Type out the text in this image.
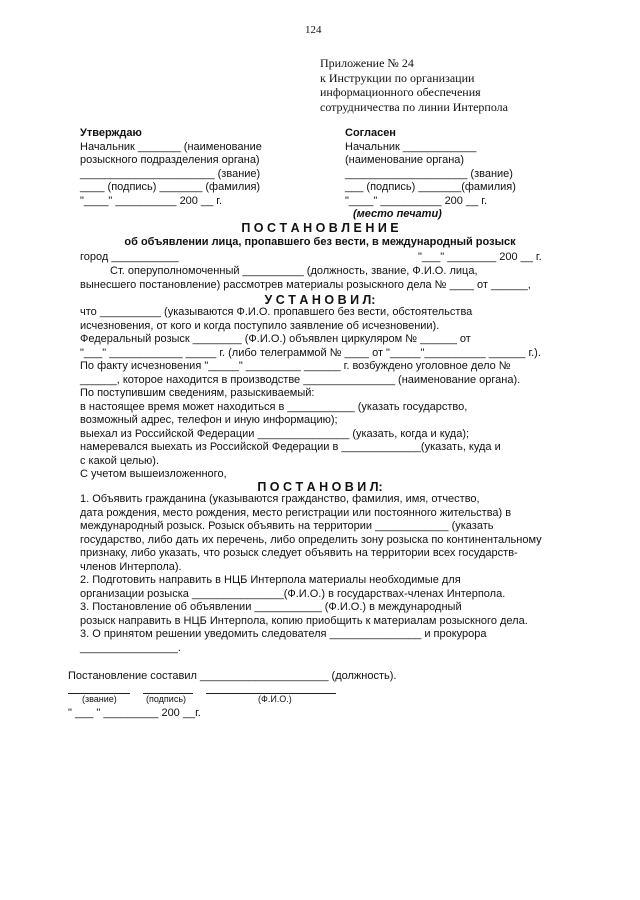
124
Приложение № 24
к Инструкции по организации
информационного обеспечения
сотрудничества по линии Интерпола
Утверждаю
Начальник _______ (наименование
розыскного подразделения органа)
______________________ (звание)
____ (подпись) _______ (фамилия)
"____" __________ 200 __ г.
Согласен
Начальник ____________
(наименование органа)
____________________ (звание)
___ (подпись) _______(фамилия)
"____" __________ 200 __ г.
(место печати)
П О С Т А Н О В Л Е Н И Е
об объявлении лица, пропавшего без вести, в международный розыск
город ___________	"___" ________ 200 __ г.
Ст. оперуполномоченный __________ (должность, звание, Ф.И.О. лица,
вынесшего постановление) рассмотрев материалы розыскного дела № ____ от ______,
У С Т А Н О В И Л:
что __________ (указываются Ф.И.О. пропавшего без вести, обстоятельства
исчезновения, от кого и когда поступило заявление об исчезновении).
Федеральный розыск ________ (Ф.И.О.) объявлен циркуляром № ______ от
"___" ____________ _____ г. (либо телеграммой № ____ от "_____"__________ ______ г.).
По факту исчезновения "_____" _________ ______ г. возбуждено уголовное дело №
______, которое находится в производстве _______________ (наименование органа).
По поступившим сведениям, разыскиваемый:
в настоящее время может находиться в ___________ (указать государство,
возможный адрес, телефон и иную информацию);
выехал из Российской Федерации _______________ (указать, когда и куда);
намеревался выехать из Российской Федерации в _____________(указать, куда и
с какой целью).
С учетом вышеизложенного,
П О С Т А Н О В И Л:
1. Объявить гражданина (указываются гражданство, фамилия, имя, отчество,
дата рождения, место рождения, место регистрации или постоянного жительства) в
международный розыск. Розыск объявить на территории ____________ (указать
государство, либо дать их перечень, либо определить зону розыска по континентальному
признаку, либо указать, что розыск следует объявить на территории всех государств-
членов Интерпола).
2. Подготовить направить в НЦБ Интерпола материалы необходимые для
организации розыска _______________(Ф.И.О.) в государствах-членах Интерпола.
3. Постановление об объявлении ___________ (Ф.И.О.) в международный
розыск направить в НЦБ Интерпола, копию приобщить к материалам розыскного дела.
3. О принятом решении уведомить следователя _______________ и прокурора
________________.
Постановление составил _____________________ (должность).
(звание)	(подпись)	(Ф.И.О.)
" ___ " _________ 200 __г.
